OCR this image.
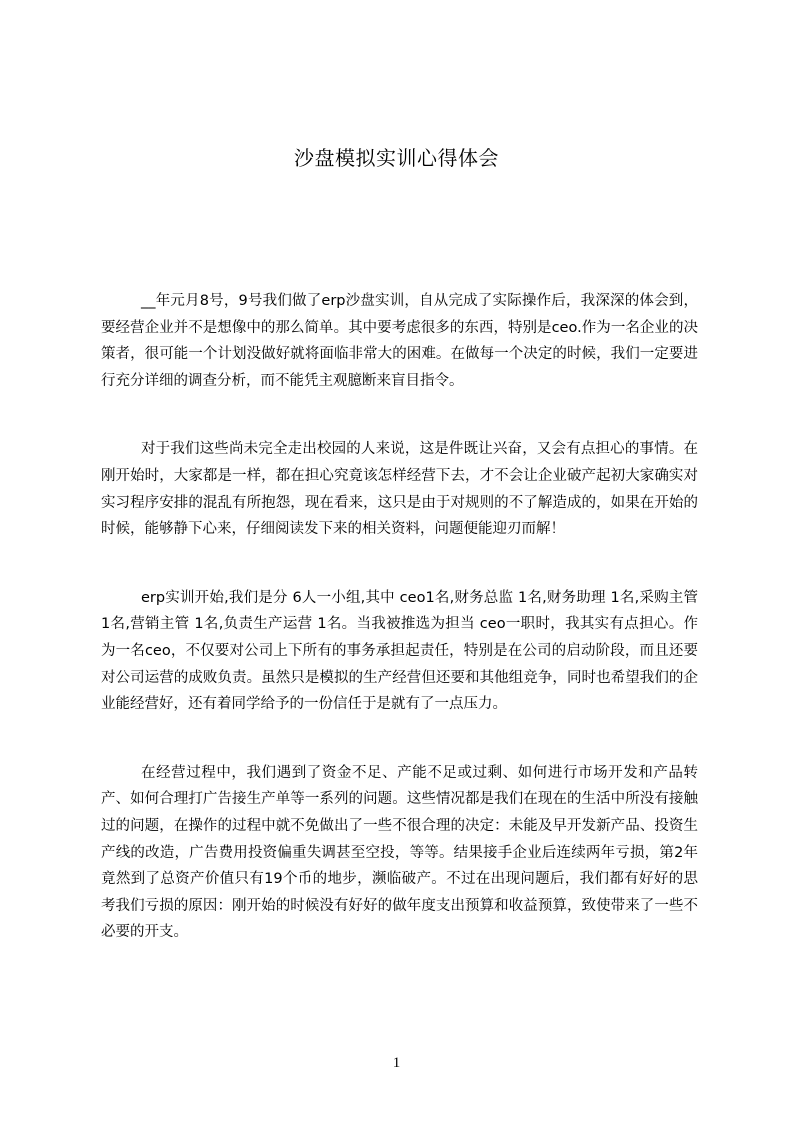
沙盘模拟实训心得体会

__年元月8号，9号我们做了erp沙盘实训，自从完成了实际操作后，我深深的体会到，要经营企业并不是想像中的那么简单。其中要考虑很多的东西，特别是ceo.作为一名企业的决策者，很可能一个计划没做好就将面临非常大的困难。在做每一个决定的时候，我们一定要进行充分详细的调查分析，而不能凭主观臆断来盲目指令。

对于我们这些尚未完全走出校园的人来说，这是件既让兴奋，又会有点担心的事情。在刚开始时，大家都是一样，都在担心究竟该怎样经营下去，才不会让企业破产起初大家确实对实习程序安排的混乱有所抱怨，现在看来，这只是由于对规则的不了解造成的，如果在开始的时候，能够静下心来，仔细阅读发下来的相关资料，问题便能迎刃而解！

erp实训开始,我们是分 6人一小组,其中 ceo1名,财务总监 1名,财务助理 1名,采购主管 1名,营销主管 1名,负责生产运营 1名。当我被推选为担当 ceo一职时，我其实有点担心。作为一名ceo，不仅要对公司上下所有的事务承担起责任，特别是在公司的启动阶段，而且还要对公司运营的成败负责。虽然只是模拟的生产经营但还要和其他组竞争，同时也希望我们的企业能经营好，还有着同学给予的一份信任于是就有了一点压力。

在经营过程中，我们遇到了资金不足、产能不足或过剩、如何进行市场开发和产品转产、如何合理打广告接生产单等一系列的问题。这些情况都是我们在现在的生活中所没有接触过的问题，在操作的过程中就不免做出了一些不很合理的决定：未能及早开发新产品、投资生产线的改造，广告费用投资偏重失调甚至空投，等等。结果接手企业后连续两年亏损，第2年竟然到了总资产价值只有19个币的地步，濒临破产。不过在出现问题后，我们都有好好的思考我们亏损的原因：刚开始的时候没有好好的做年度支出预算和收益预算，致使带来了一些不必要的开支。

1
